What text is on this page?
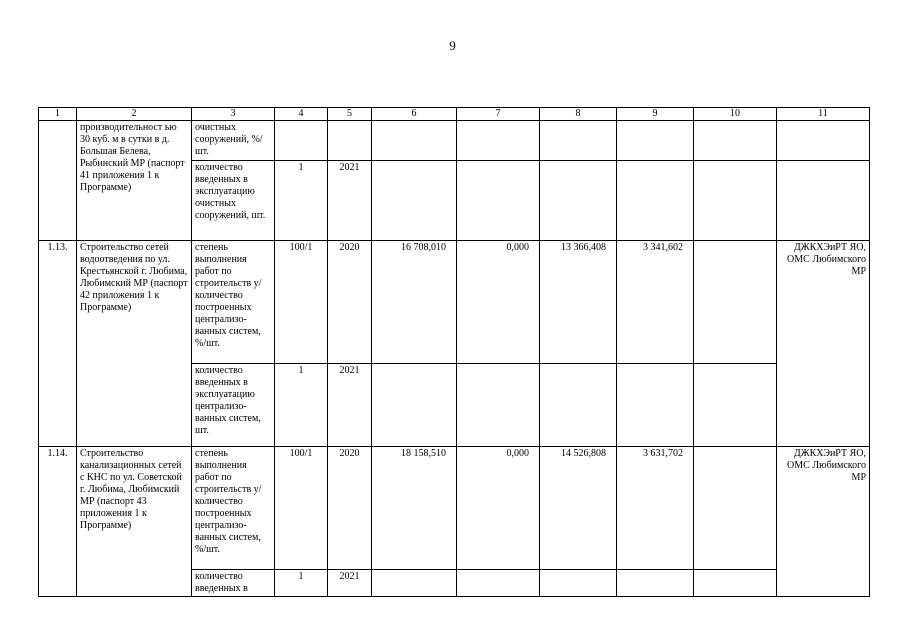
9
1	2	3	4	5	6	7	8	9	10	11
	производительност ью 30 куб. м в сутки в д. Большая Белева, Рыбинский МР (паспорт 41 приложения 1 к Программе)	очистных сооружений, %/шт.								
		количество введенных в эксплуатацию очистных сооружений, шт.	1	2021						
1.13.	Строительство сетей водоотведения по ул. Крестьянской г. Любима, Любимский МР (паспорт 42 приложения 1 к Программе)	степень выполнения работ по строительств у/ количество построенных централизо-ванных систем, %/шт.	100/1	2020	16 708,010	0,000	13 366,408	3 341,602		ДЖКХЭиРТ ЯО, ОМС Любимского МР
		количество введенных в эксплуатацию централизо-ванных систем, шт.	1	2021						
1.14.	Строительство канализационных сетей с КНС по ул. Советской г. Любима, Любимский МР (паспорт 43 приложения 1 к Программе)	степень выполнения работ по строительств у/ количество построенных централизо-ванных систем, %/шт.	100/1	2020	18 158,510	0,000	14 526,808	3 631,702		ДЖКХЭиРТ ЯО, ОМС Любимского МР
		количество введенных в	1	2021						
